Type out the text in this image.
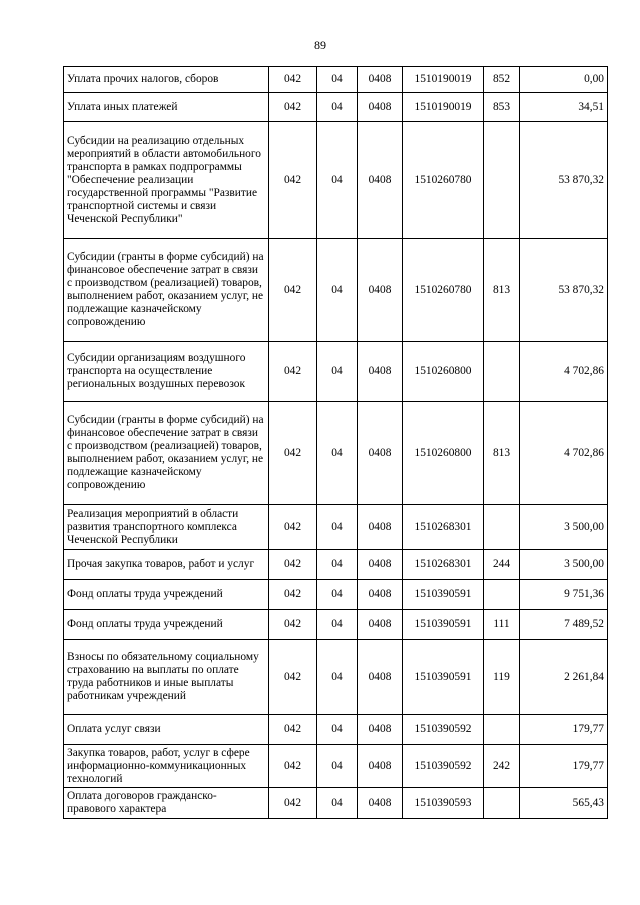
89
Уплата прочих налогов, сборов	042	04	0408	1510190019	852	0,00
Уплата иных платежей	042	04	0408	1510190019	853	34,51
Субсидии на реализацию отдельных мероприятий в области автомобильного транспорта в рамках подпрограммы "Обеспечение реализации государственной программы "Развитие транспортной системы и связи Чеченской Республики"	042	04	0408	1510260780		53 870,32
Субсидии (гранты в форме субсидий) на финансовое обеспечение затрат в связи с производством (реализацией) товаров, выполнением работ, оказанием услуг, не подлежащие казначейскому сопровождению	042	04	0408	1510260780	813	53 870,32
Субсидии организациям воздушного транспорта на осуществление региональных воздушных перевозок	042	04	0408	1510260800		4 702,86
Субсидии (гранты в форме субсидий) на финансовое обеспечение затрат в связи с производством (реализацией) товаров, выполнением работ, оказанием услуг, не подлежащие казначейскому сопровождению	042	04	0408	1510260800	813	4 702,86
Реализация мероприятий в области развития транспортного комплекса Чеченской Республики	042	04	0408	1510268301		3 500,00
Прочая закупка товаров, работ и услуг	042	04	0408	1510268301	244	3 500,00
Фонд оплаты труда учреждений	042	04	0408	1510390591		9 751,36
Фонд оплаты труда учреждений	042	04	0408	1510390591	111	7 489,52
Взносы по обязательному социальному страхованию на выплаты по оплате труда работников и иные выплаты работникам учреждений	042	04	0408	1510390591	119	2 261,84
Оплата услуг связи	042	04	0408	1510390592		179,77
Закупка товаров, работ, услуг в сфере информационно-коммуникационных технологий	042	04	0408	1510390592	242	179,77
Оплата договоров гражданско-правового характера	042	04	0408	1510390593		565,43
